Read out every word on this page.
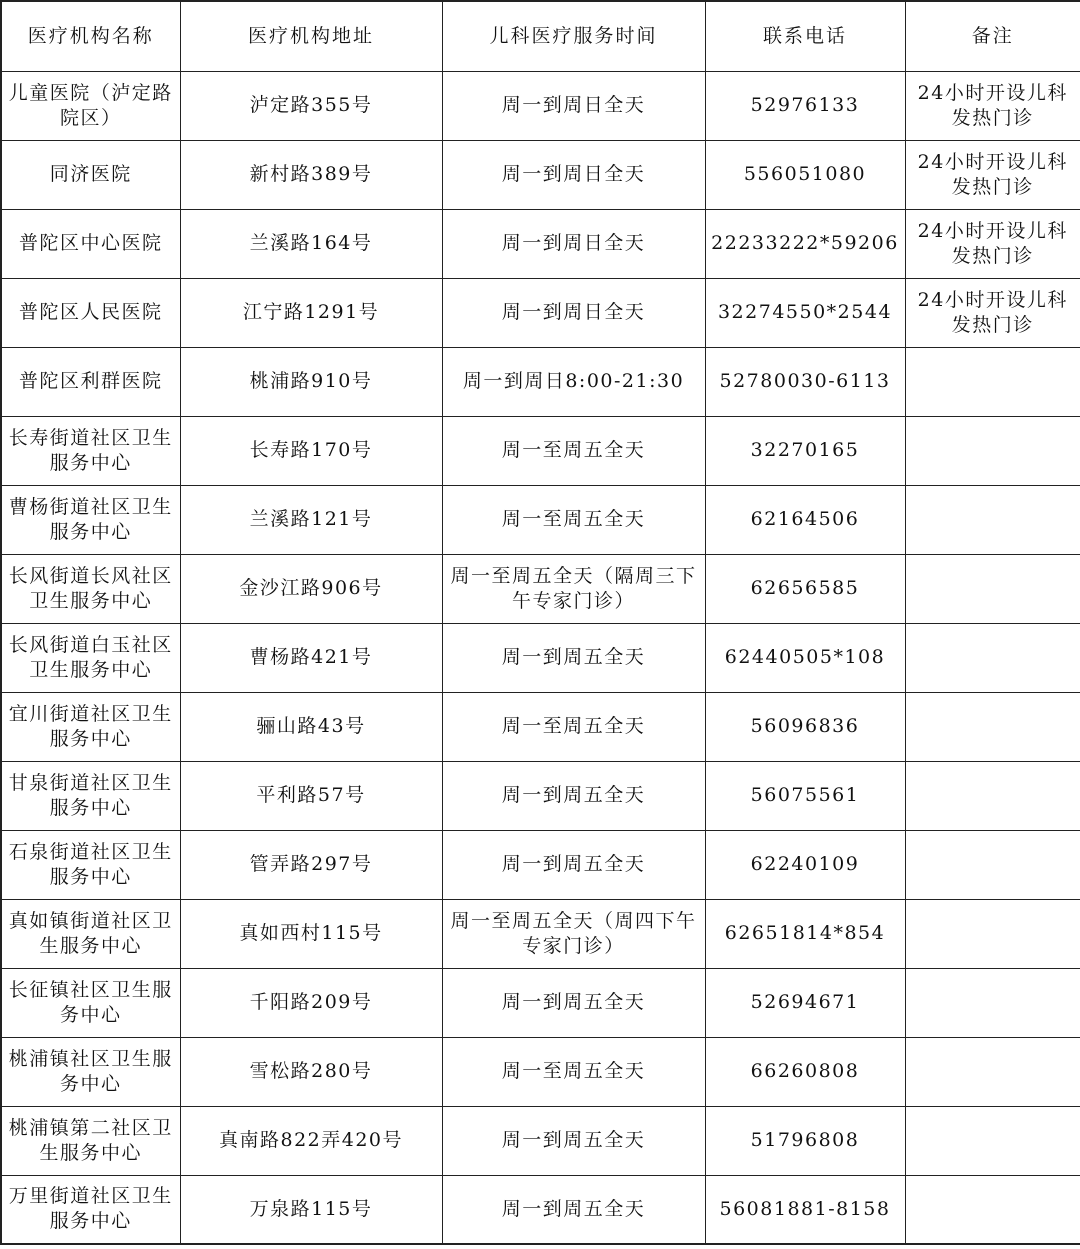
医疗机构名称	医疗机构地址	儿科医疗服务时间	联系电话	备注
儿童医院（泸定路院区）	泸定路355号	周一到周日全天	52976133	24小时开设儿科发热门诊
同济医院	新村路389号	周一到周日全天	556051080	24小时开设儿科发热门诊
普陀区中心医院	兰溪路164号	周一到周日全天	22233222*59206	24小时开设儿科发热门诊
普陀区人民医院	江宁路1291号	周一到周日全天	32274550*2544	24小时开设儿科发热门诊
普陀区利群医院	桃浦路910号	周一到周日8:00-21:30	52780030-6113	
长寿街道社区卫生服务中心	长寿路170号	周一至周五全天	32270165	
曹杨街道社区卫生服务中心	兰溪路121号	周一至周五全天	62164506	
长风街道长风社区卫生服务中心	金沙江路906号	周一至周五全天（隔周三下午专家门诊）	62656585	
长风街道白玉社区卫生服务中心	曹杨路421号	周一到周五全天	62440505*108	
宜川街道社区卫生服务中心	骊山路43号	周一至周五全天	56096836	
甘泉街道社区卫生服务中心	平利路57号	周一到周五全天	56075561	
石泉街道社区卫生服务中心	管弄路297号	周一到周五全天	62240109	
真如镇街道社区卫生服务中心	真如西村115号	周一至周五全天（周四下午专家门诊）	62651814*854	
长征镇社区卫生服务中心	千阳路209号	周一到周五全天	52694671	
桃浦镇社区卫生服务中心	雪松路280号	周一至周五全天	66260808	
桃浦镇第二社区卫生服务中心	真南路822弄420号	周一到周五全天	51796808	
万里街道社区卫生服务中心	万泉路115号	周一到周五全天	56081881-8158	
